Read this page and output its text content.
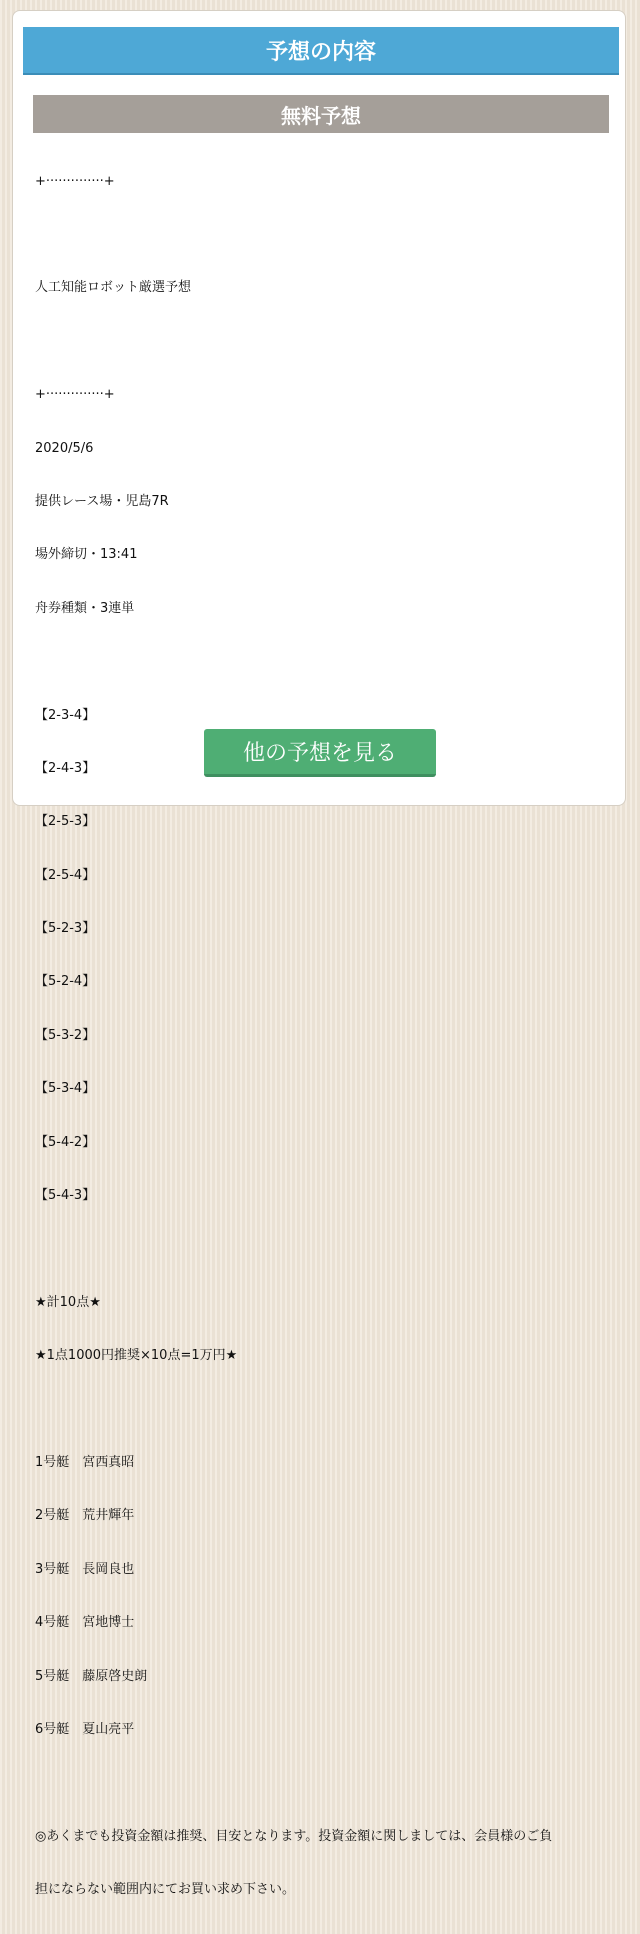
予想の内容
無料予想

+··············+

人工知能ロボット厳選予想

+··············+

2020/5/6

提供レース場・児島7R

場外締切・13:41

舟券種類・3連単

【2-3-4】

【2-4-3】

【2-5-3】

【2-5-4】

【5-2-3】

【5-2-4】

【5-3-2】

【5-3-4】

【5-4-2】

【5-4-3】

★計10点★

★1点1000円推奨×10点=1万円★

1号艇　宮西真昭

2号艇　荒井輝年

3号艇　長岡良也

4号艇　宮地博士

5号艇　藤原啓史朗

6号艇　夏山亮平

◎あくまでも投資金額は推奨、目安となります。投資金額に関しましては、会員様のご負

担にならない範囲内にてお買い求め下さい。

他の予想を見る
